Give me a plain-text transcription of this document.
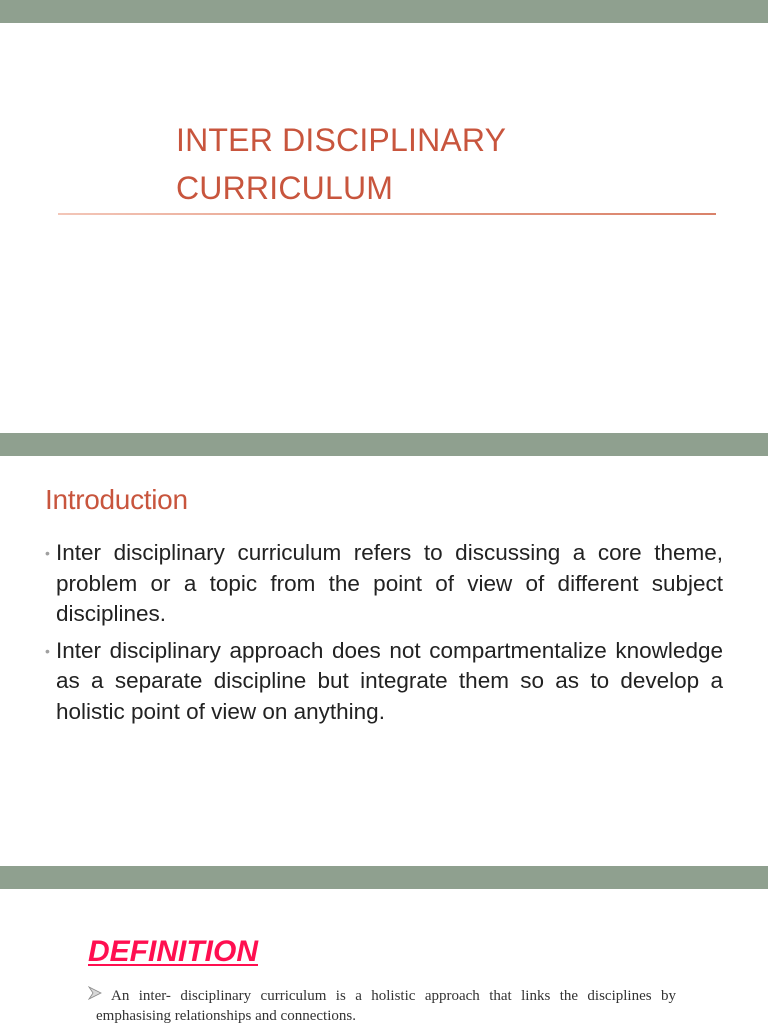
INTER DISCIPLINARY
CURRICULUM
Introduction
• Inter disciplinary curriculum refers to discussing a core theme, problem or a topic from the point of view of different subject disciplines.
• Inter disciplinary approach does not compartmentalize knowledge as a separate discipline but integrate them so as to develop a holistic point of view on anything.
DEFINITION
An inter- disciplinary curriculum is a holistic approach that links the disciplines by emphasising relationships and connections.
